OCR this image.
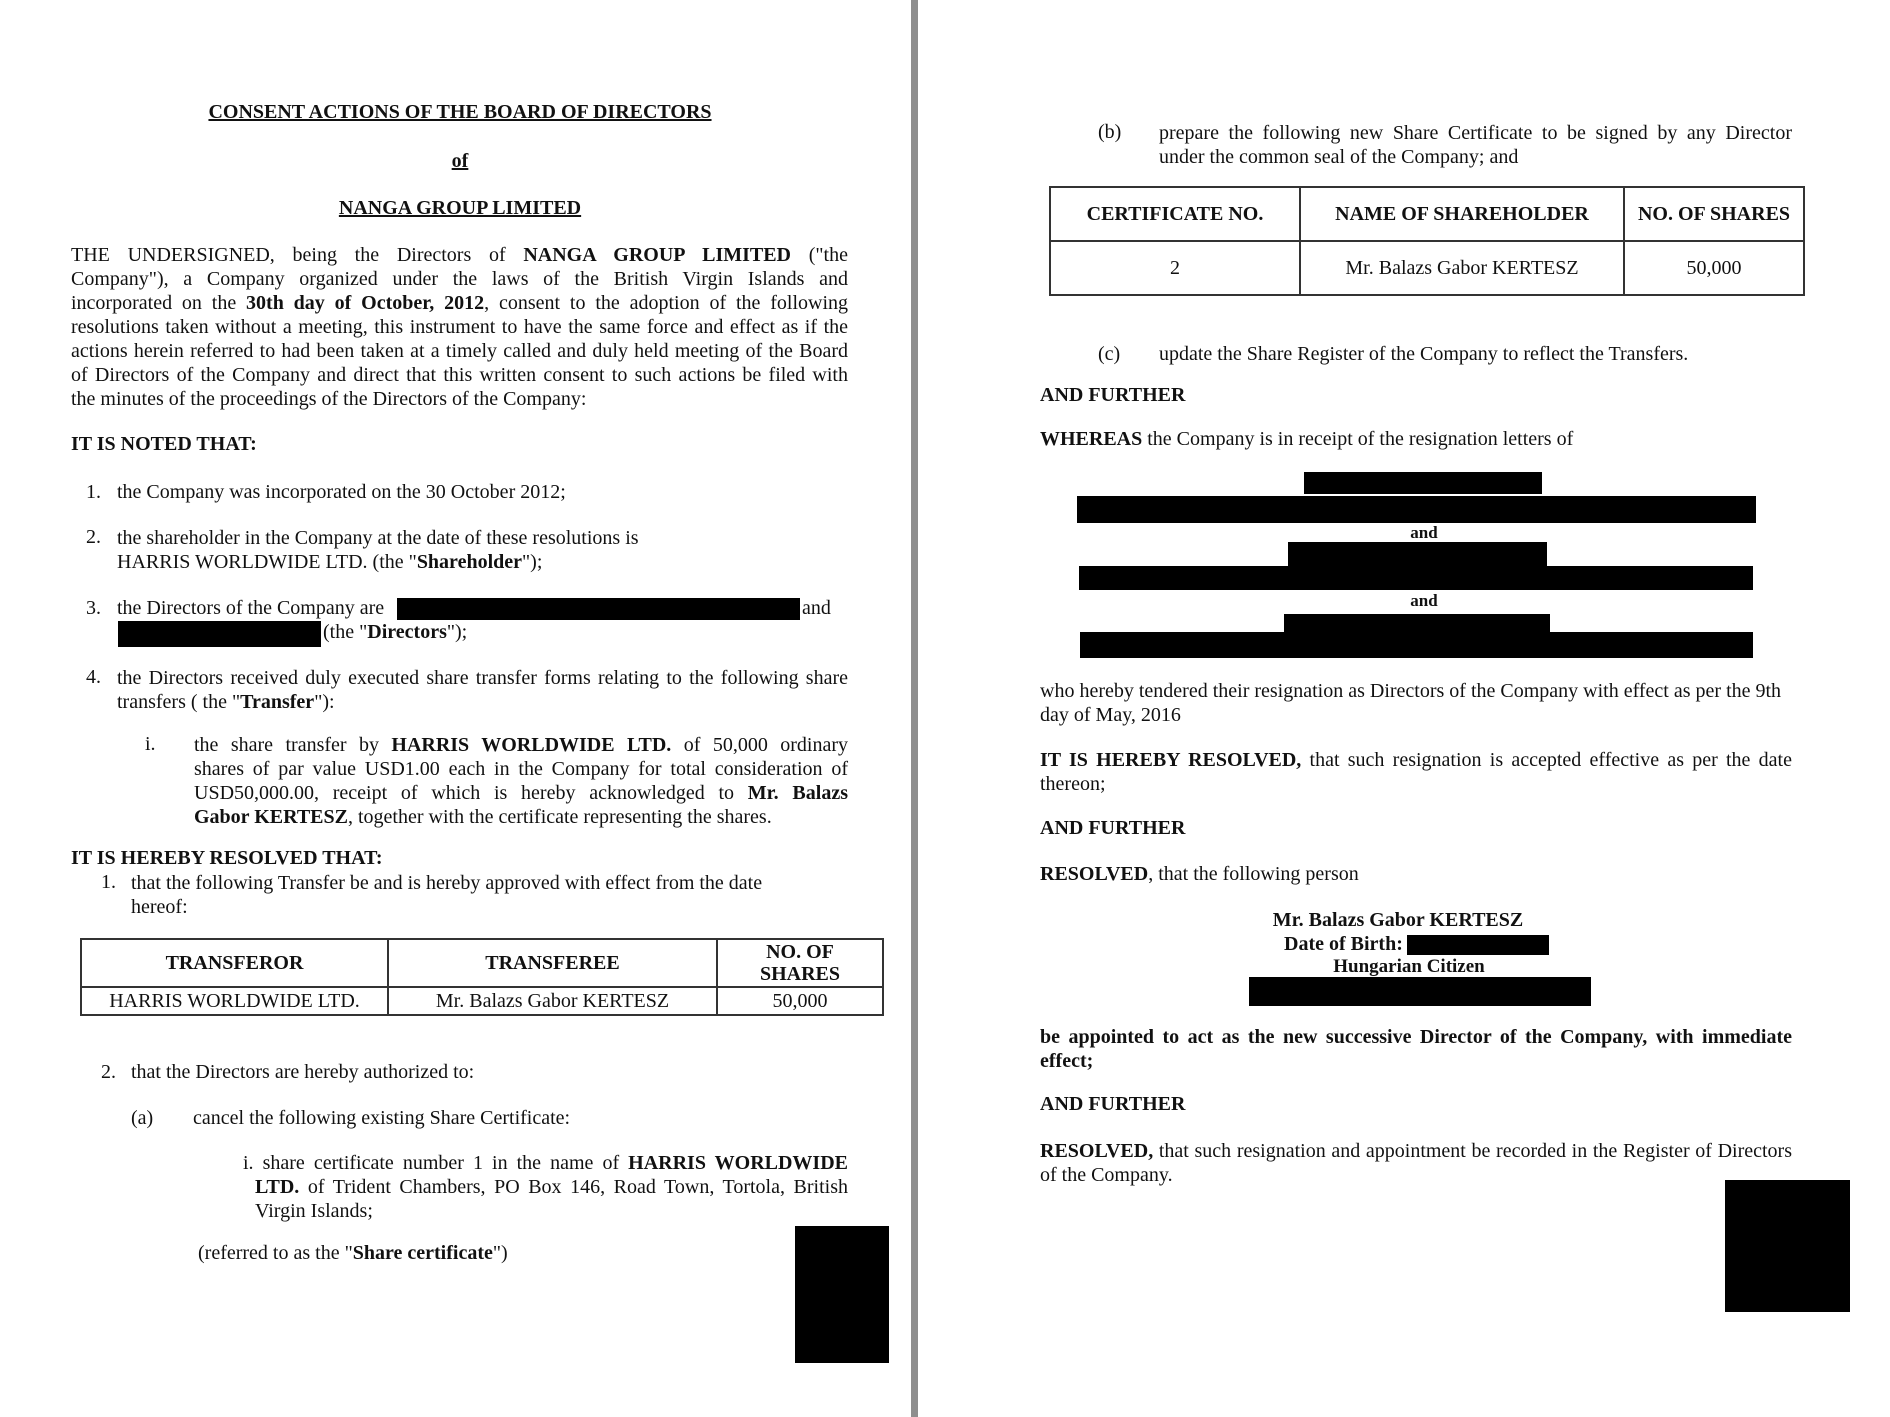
CONSENT ACTIONS OF THE BOARD OF DIRECTORS
of
NANGA GROUP LIMITED
THE UNDERSIGNED, being the Directors of NANGA GROUP LIMITED ("the
Company"), a Company organized under the laws of the British Virgin Islands and
incorporated on the 30th day of October, 2012, consent to the adoption of the following
resolutions taken without a meeting, this instrument to have the same force and effect as if the
actions herein referred to had been taken at a timely called and duly held meeting of the Board
of Directors of the Company and direct that this written consent to such actions be filed with
the minutes of the proceedings of the Directors of the Company:
IT IS NOTED THAT:
1. the Company was incorporated on the 30 October 2012;
2. the shareholder in the Company at the date of these resolutions is
HARRIS WORLDWIDE LTD. (the "Shareholder");
3. the Directors of the Company are	and
(the "Directors");
4. the Directors received duly executed share transfer forms relating to the following share
transfers ( the "Transfer"):
i. the share transfer by HARRIS WORLDWIDE LTD. of 50,000 ordinary
shares of par value USD1.00 each in the Company for total consideration of
USD50,000.00, receipt of which is hereby acknowledged to Mr. Balazs
Gabor KERTESZ, together with the certificate representing the shares.
IT IS HEREBY RESOLVED THAT:
1. that the following Transfer be and is hereby approved with effect from the date
hereof:
TRANSFEROR	TRANSFEREE	NO. OF
SHARES
HARRIS WORLDWIDE LTD.	Mr. Balazs Gabor KERTESZ	50,000
2. that the Directors are hereby authorized to:
(a) cancel the following existing Share Certificate:
i. share certificate number 1 in the name of HARRIS WORLDWIDE
LTD. of Trident Chambers, PO Box 146, Road Town, Tortola, British
Virgin Islands;
(referred to as the "Share certificate")
(b) prepare the following new Share Certificate to be signed by any Director
under the common seal of the Company; and
CERTIFICATE NO.	NAME OF SHAREHOLDER	NO. OF SHARES
2	Mr. Balazs Gabor KERTESZ	50,000
(c) update the Share Register of the Company to reflect the Transfers.
AND FURTHER
WHEREAS the Company is in receipt of the resignation letters of
and
and
who hereby tendered their resignation as Directors of the Company with effect as per the 9th
day of May, 2016
IT IS HEREBY RESOLVED, that such resignation is accepted effective as per the date
thereon;
AND FURTHER
RESOLVED, that the following person
Mr. Balazs Gabor KERTESZ
Date of Birth:
Hungarian Citizen
be appointed to act as the new successive Director of the Company, with immediate
effect;
AND FURTHER
RESOLVED, that such resignation and appointment be recorded in the Register of Directors
of the Company.
